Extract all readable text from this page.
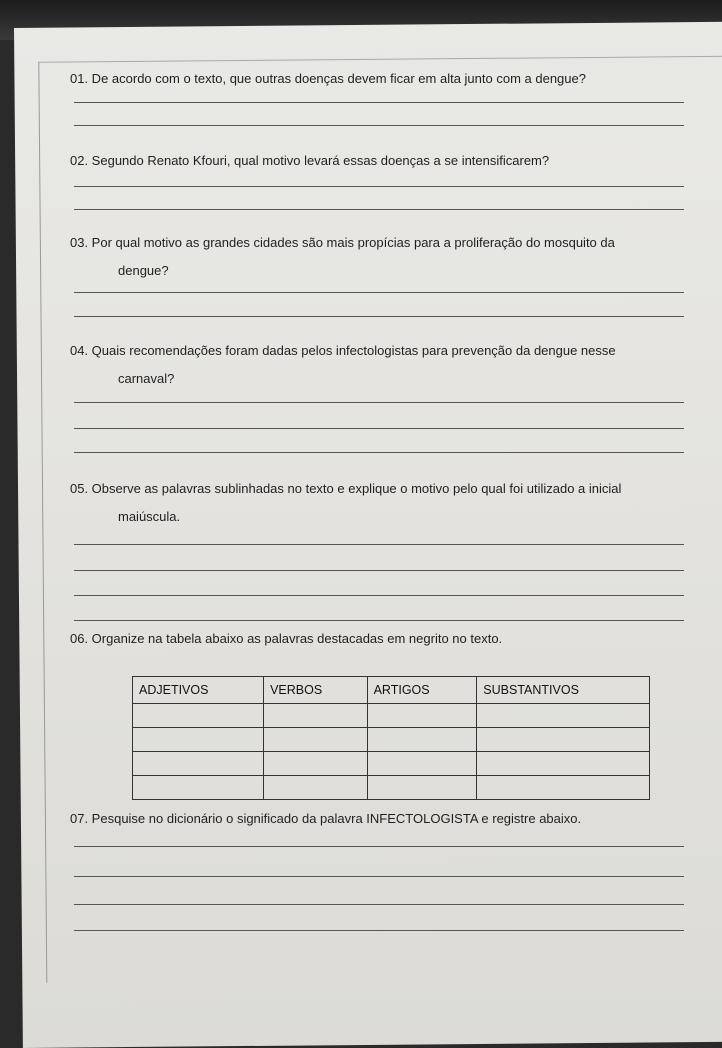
01. De acordo com o texto, que outras doenças devem ficar em alta junto com a dengue?
02. Segundo Renato Kfouri, qual motivo levará essas doenças a se intensificarem?
03. Por qual motivo as grandes cidades são mais propícias para a proliferação do mosquito da
dengue?
04. Quais recomendações foram dadas pelos infectologistas para prevenção da dengue nesse
carnaval?
05. Observe as palavras sublinhadas no texto e explique o motivo pelo qual foi utilizado a inicial
maiúscula.
06. Organize na tabela abaixo as palavras destacadas em negrito no texto.
ADJETIVOS	VERBOS	ARTIGOS	SUBSTANTIVOS

07. Pesquise no dicionário o significado da palavra INFECTOLOGISTA e registre abaixo.
